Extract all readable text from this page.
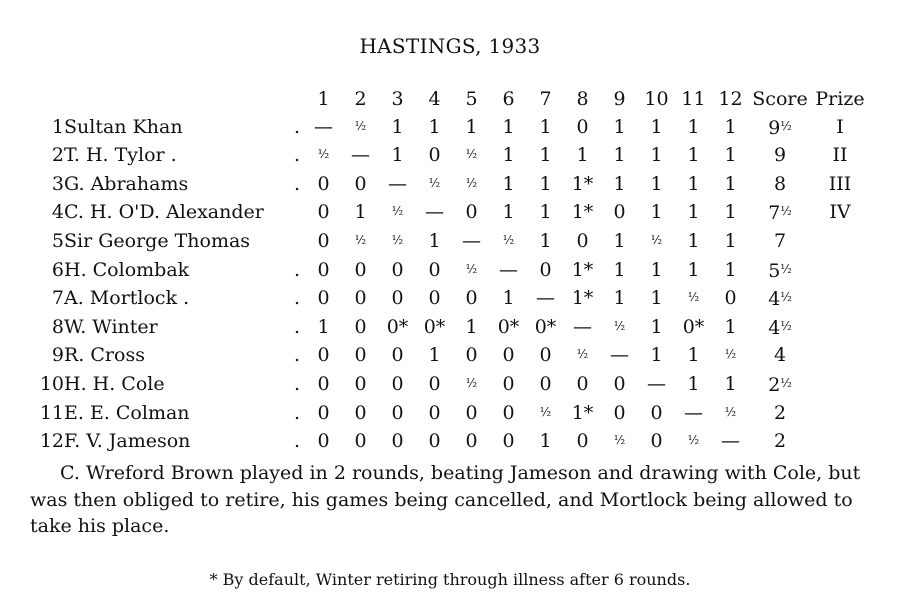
HASTINGS, 1933
			1	2	3	4	5	6	7	8	9	10	11	12	Score	Prize
1	Sultan Khan	.	—	$^{\frac{1}{2}}$	1	1	1	1	1	0	1	1	1	1	$9^{\frac{1}{2}}$	I
2	T. H. Tylor .	.	$^{\frac{1}{2}}$	—	1	0	$^{\frac{1}{2}}$	1	1	1	1	1	1	1	9	II
3	G. Abrahams	.	0	0	—	$^{\frac{1}{2}}$	$^{\frac{1}{2}}$	1	1	1*	1	1	1	1	8	III
4	C. H. O'D. Alexander		0	1	$^{\frac{1}{2}}$	—	0	1	1	1*	0	1	1	1	$7^{\frac{1}{2}}$	IV
5	Sir George Thomas		0	$^{\frac{1}{2}}$	$^{\frac{1}{2}}$	1	—	$^{\frac{1}{2}}$	1	0	1	$^{\frac{1}{2}}$	1	1	7	
6	H. Colombak	.	0	0	0	0	$^{\frac{1}{2}}$	—	0	1*	1	1	1	1	$5^{\frac{1}{2}}$	
7	A. Mortlock .	.	0	0	0	0	0	1	—	1*	1	1	$^{\frac{1}{2}}$	0	$4^{\frac{1}{2}}$	
8	W. Winter	.	1	0	0*	0*	1	0*	0*	—	$^{\frac{1}{2}}$	1	0*	1	$4^{\frac{1}{2}}$	
9	R. Cross	.	0	0	0	1	0	0	0	$^{\frac{1}{2}}$	—	1	1	$^{\frac{1}{2}}$	4	
10	H. H. Cole	.	0	0	0	0	$^{\frac{1}{2}}$	0	0	0	0	—	1	1	$2^{\frac{1}{2}}$	
11	E. E. Colman	.	0	0	0	0	0	0	$^{\frac{1}{2}}$	1*	0	0	—	$^{\frac{1}{2}}$	2	
12	F. V. Jameson	.	0	0	0	0	0	0	1	0	$^{\frac{1}{2}}$	0	$^{\frac{1}{2}}$	—	2	

C. Wreford Brown played in 2 rounds, beating Jameson and drawing with Cole, but was then obliged to retire, his games being cancelled, and Mortlock being allowed to take his place.

* By default, Winter retiring through illness after 6 rounds.
